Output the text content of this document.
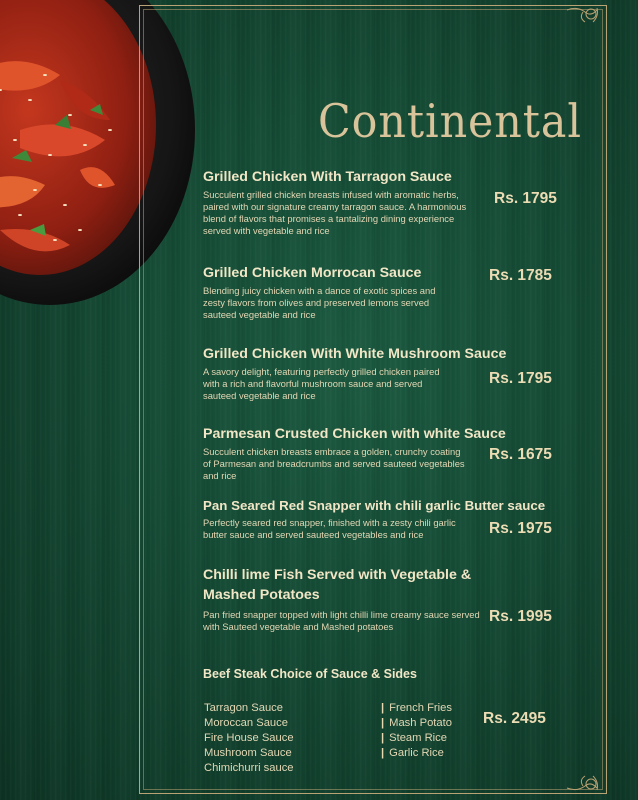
Continental
Grilled Chicken With Tarragon Sauce
Succulent grilled chicken breasts infused with aromatic herbs, paired with our signature creamy tarragon sauce. A harmonious blend of flavors that promises a tantalizing dining experience served with vegetable and rice
Rs. 1795
Grilled Chicken Morrocan Sauce
Blending juicy chicken with a dance of exotic spices and zesty flavors from olives and preserved lemons served sauteed vegetable and rice
Rs. 1785
Grilled Chicken With White Mushroom Sauce
A savory delight, featuring perfectly grilled chicken paired with a rich and flavorful mushroom sauce and served sauteed vegetable and rice
Rs. 1795
Parmesan Crusted Chicken with white Sauce
Succulent chicken breasts embrace a golden, crunchy coating of Parmesan and breadcrumbs and served sauteed vegetables and rice
Rs. 1675
Pan Seared Red Snapper with chili garlic Butter sauce
Perfectly seared red snapper, finished with a zesty chili garlic butter sauce and served sauteed vegetables and rice	Rs. 1975
Chilli lime Fish Served with Vegetable & Mashed Potatoes
Pan fried snapper topped with light chilli lime creamy sauce served with Sauteed vegetable and Mashed potatoes
Rs. 1995
Beef Steak Choice of Sauce & Sides
Tarragon Sauce
Moroccan Sauce
Fire House Sauce
Mushroom Sauce
Chimichurri sauce
| French Fries
| Mash Potato
| Steam Rice
| Garlic Rice
Rs. 2495
